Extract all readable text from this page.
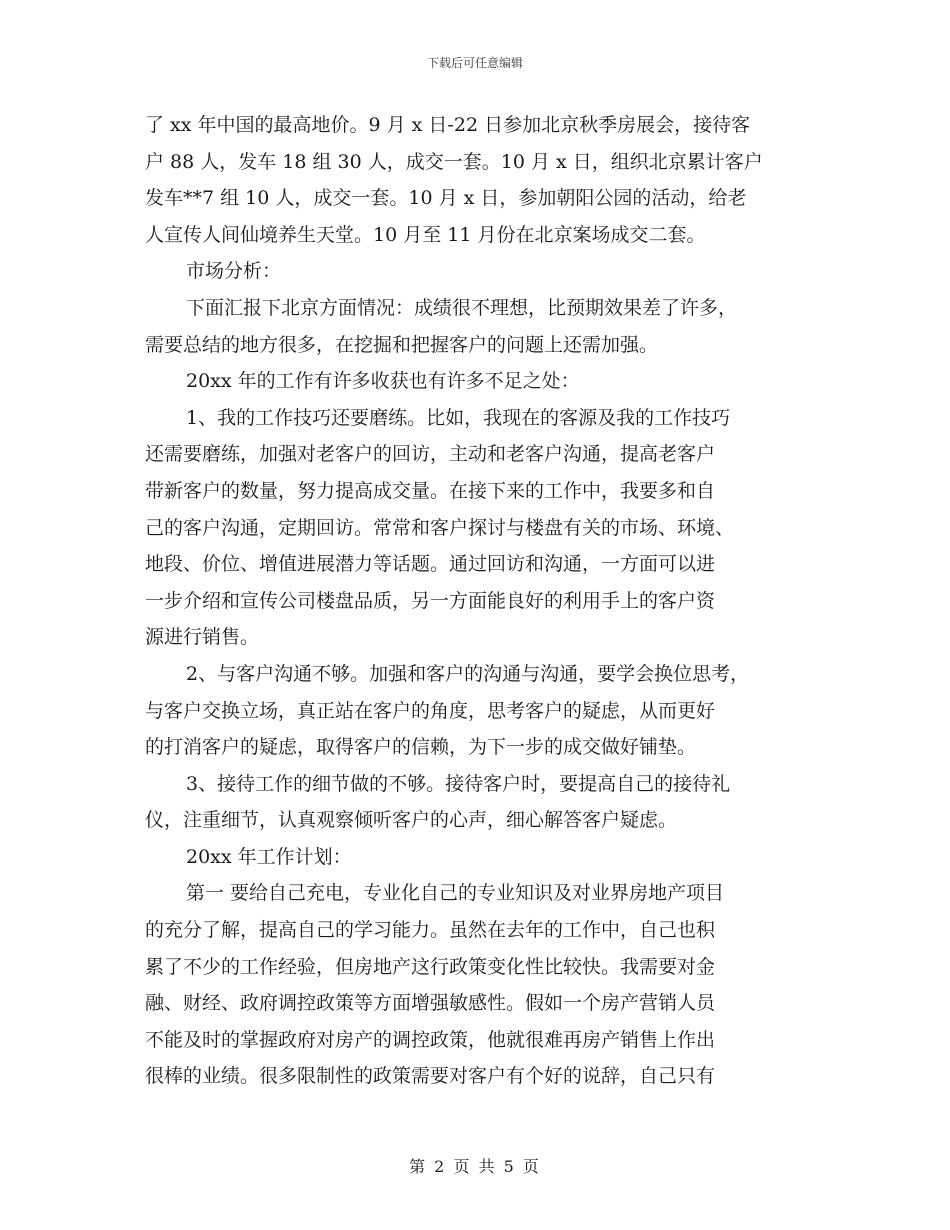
下载后可任意编辑
了 xx 年中国的最高地价。9 月 x 日-22 日参加北京秋季房展会，接待客
户 88 人，发车 18 组 30 人，成交一套。10 月 x 日，组织北京累计客户
发车**7 组 10 人，成交一套。10 月 x 日，参加朝阳公园的活动，给老
人宣传人间仙境养生天堂。10 月至 11 月份在北京案场成交二套。
市场分析：
下面汇报下北京方面情况：成绩很不理想，比预期效果差了许多，
需要总结的地方很多，在挖掘和把握客户的问题上还需加强。
20xx 年的工作有许多收获也有许多不足之处：
1、我的工作技巧还要磨练。比如，我现在的客源及我的工作技巧
还需要磨练，加强对老客户的回访，主动和老客户沟通，提高老客户
带新客户的数量，努力提高成交量。在接下来的工作中，我要多和自
己的客户沟通，定期回访。常常和客户探讨与楼盘有关的市场、环境、
地段、价位、增值进展潜力等话题。通过回访和沟通，一方面可以进
一步介绍和宣传公司楼盘品质，另一方面能良好的利用手上的客户资
源进行销售。
2、与客户沟通不够。加强和客户的沟通与沟通，要学会换位思考，
与客户交换立场，真正站在客户的角度，思考客户的疑虑，从而更好
的打消客户的疑虑，取得客户的信赖，为下一步的成交做好铺垫。
3、接待工作的细节做的不够。接待客户时，要提高自己的接待礼
仪，注重细节，认真观察倾听客户的心声，细心解答客户疑虑。
20xx 年工作计划：
第一 要给自己充电，专业化自己的专业知识及对业界房地产项目
的充分了解，提高自己的学习能力。虽然在去年的工作中，自己也积
累了不少的工作经验，但房地产这行政策变化性比较快。我需要对金
融、财经、政府调控政策等方面增强敏感性。假如一个房产营销人员
不能及时的掌握政府对房产的调控政策，他就很难再房产销售上作出
很棒的业绩。很多限制性的政策需要对客户有个好的说辞，自己只有
第 2 页 共 5 页
